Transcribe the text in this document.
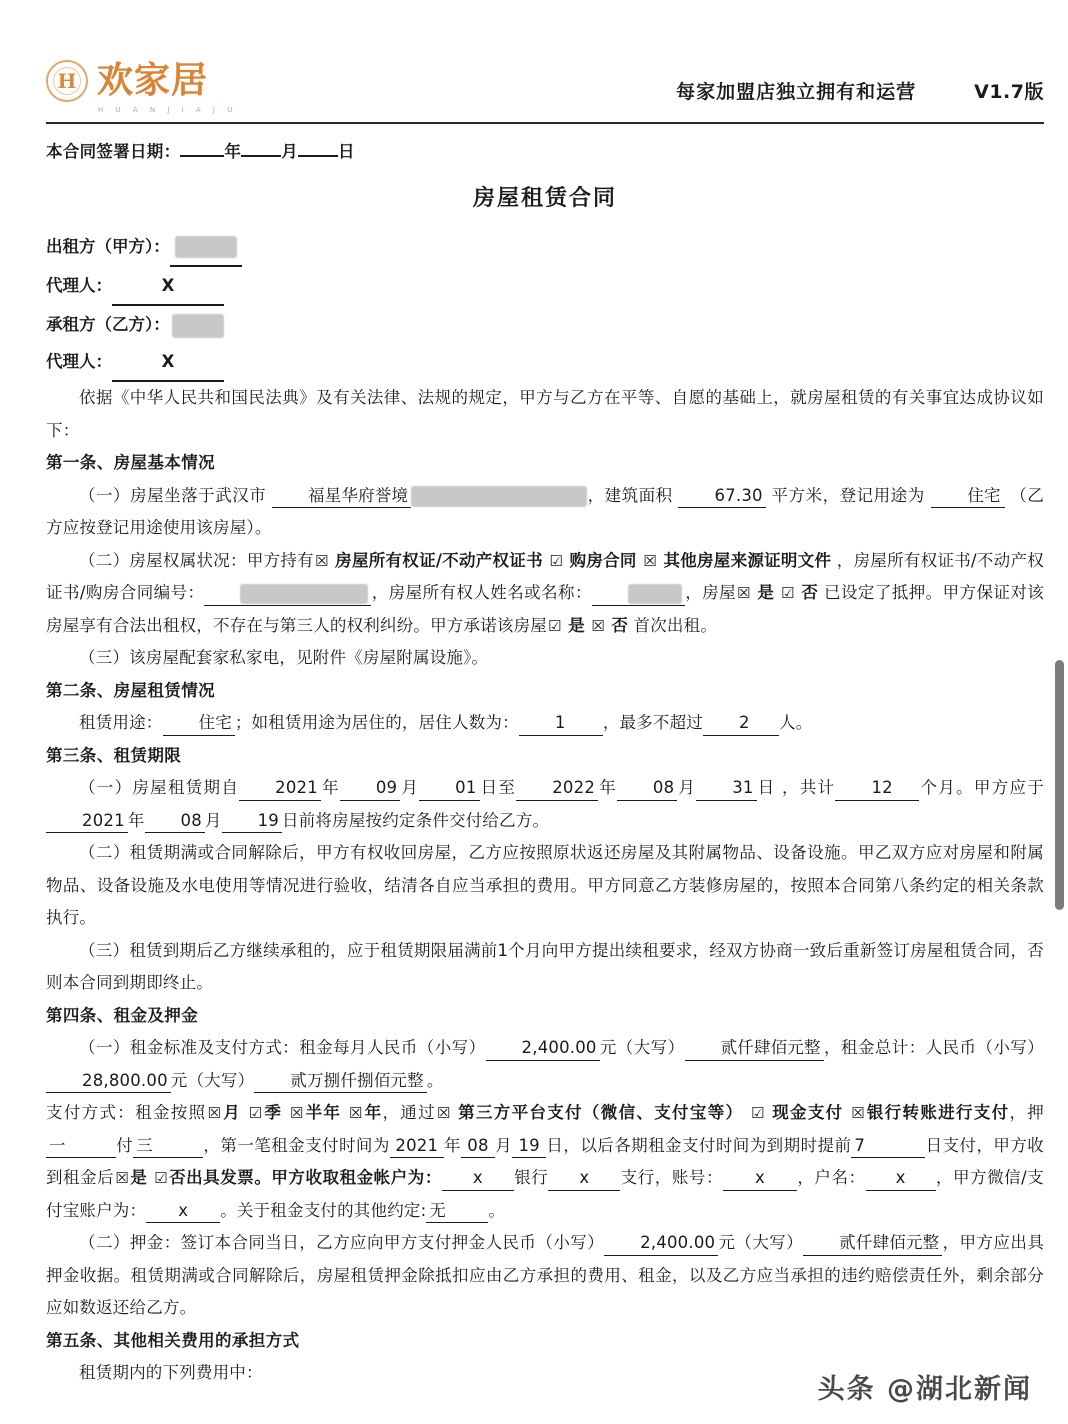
H 欢家居
H U A N J I A J U
每家加盟店独立拥有和运营	V1.7版
本合同签署日期：	年 月 日
房屋租赁合同
出租方（甲方）：
代理人：	X
承租方（乙方）：
代理人：	X

依据《中华人民共和国民法典》及有关法律、法规的规定，甲方与乙方在平等、自愿的基础上，就房屋租赁的有关事宜达成协议如下：

第一条、房屋基本情况

（一）房屋坐落于武汉市	福星华府誉境	，建筑面积	67.30 平方米，登记用途为	住宅 （乙方应按登记用途使用该房屋）。

（二）房屋权属状况：甲方持有☒ 房屋所有权证/不动产权证书 ☑ 购房合同 ☒ 其他房屋来源证明文件 ，房屋所有权证书/不动产权证书/购房合同编号：	，房屋所有权人姓名或名称：	，房屋☒ 是 ☑ 否 已设定了抵押。甲方保证对该房屋享有合法出租权，不存在与第三人的权利纠纷。甲方承诺该房屋☑ 是 ☒ 否 首次出租。

（三）该房屋配套家私家电，见附件《房屋附属设施》。

第二条、房屋租赁情况

租赁用途： 住宅 ；如租赁用途为居住的，居住人数为： 1 ，最多不超过 2 人。

第三条、租赁期限

（一）房屋租赁期自 2021 年 09 月 01 日至 2022 年 08 月 31 日 ，共计 12 个月。甲方应于2021 年 08 月 19 日前将房屋按约定条件交付给乙方。

（二）租赁期满或合同解除后，甲方有权收回房屋，乙方应按照原状返还房屋及其附属物品、设备设施。甲乙双方应对房屋和附属物品、设备设施及水电使用等情况进行验收，结清各自应当承担的费用。甲方同意乙方装修房屋的，按照本合同第八条约定的相关条款执行。

（三）租赁到期后乙方继续承租的，应于租赁期限届满前1个月向甲方提出续租要求，经双方协商一致后重新签订房屋租赁合同，否则本合同到期即终止。

第四条、租金及押金

（一）租金标准及支付方式：租金每月人民币（小写） 2,400.00 元（大写） 贰仟肆佰元整 ，租金总计：人民币（小写）28,800.00 元（大写） 贰万捌仟捌佰元整 。

支付方式：租金按照☒月 ☑季 ☒半年 ☒年，通过☒ 第三方平台支付（微信、支付宝等） ☑ 现金支付 ☒银行转账进行支付，押一	付 三	，第一笔租金支付时间为 2021 年 08 月 19 日，以后各期租金支付时间为到期时提前 7	日支付，甲方收到租金后☒是 ☑否出具发票。甲方收取租金帐户为： x 银行 x 支行，账号： x ，户名： x ，甲方微信/支付宝账户为： x 。关于租金支付的其他约定: 无	。

（二）押金：签订本合同当日，乙方应向甲方支付押金人民币（小写） 2,400.00 元（大写） 贰仟肆佰元整 ，甲方应出具押金收据。租赁期满或合同解除后，房屋租赁押金除抵扣应由乙方承担的费用、租金，以及乙方应当承担的违约赔偿责任外，剩余部分应如数返还给乙方。

第五条、其他相关费用的承担方式

租赁期内的下列费用中：

头条 @湖北新闻
